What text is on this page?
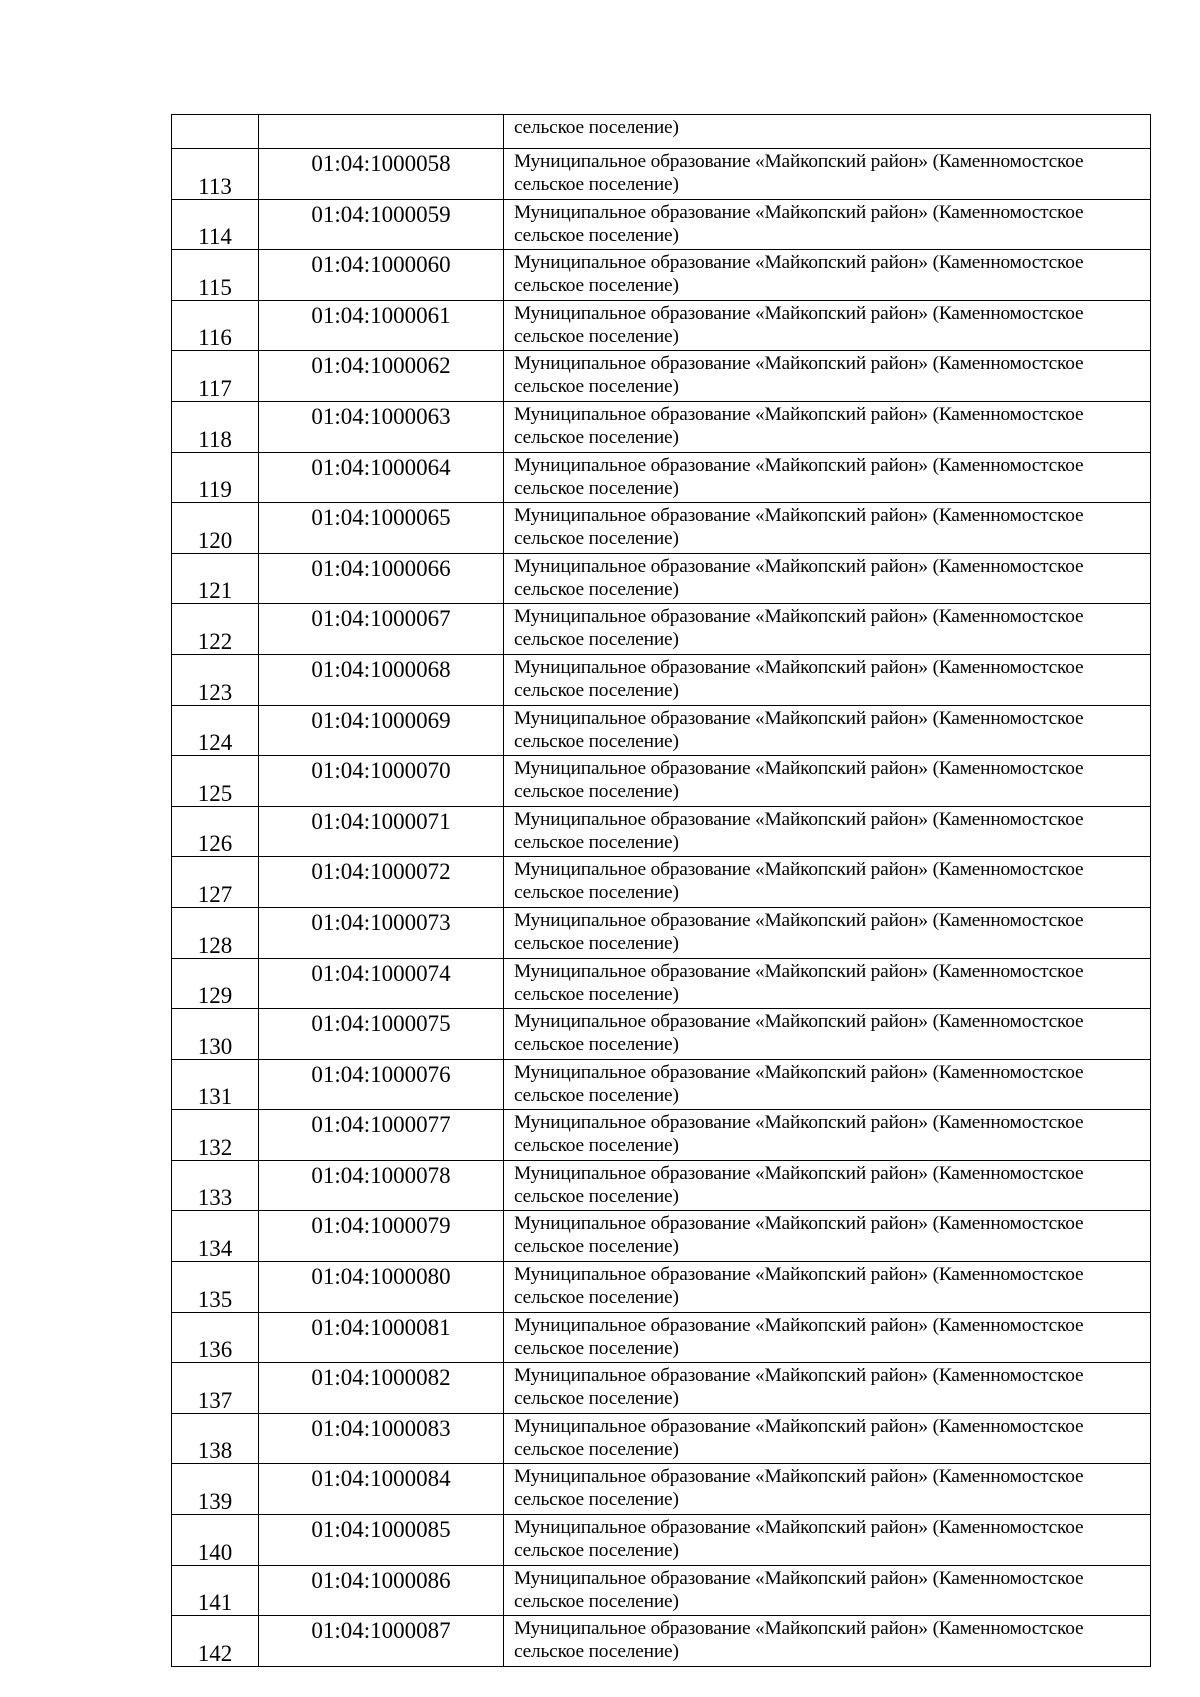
		сельское поселение)

113	01:04:1000058	Муниципальное образование «Майкопский район» (Каменномостское
сельское поселение)

114	01:04:1000059	Муниципальное образование «Майкопский район» (Каменномостское
сельское поселение)

115	01:04:1000060	Муниципальное образование «Майкопский район» (Каменномостское
сельское поселение)

116	01:04:1000061	Муниципальное образование «Майкопский район» (Каменномостское
сельское поселение)

117	01:04:1000062	Муниципальное образование «Майкопский район» (Каменномостское
сельское поселение)

118	01:04:1000063	Муниципальное образование «Майкопский район» (Каменномостское
сельское поселение)

119	01:04:1000064	Муниципальное образование «Майкопский район» (Каменномостское
сельское поселение)

120	01:04:1000065	Муниципальное образование «Майкопский район» (Каменномостское
сельское поселение)

121	01:04:1000066	Муниципальное образование «Майкопский район» (Каменномостское
сельское поселение)

122	01:04:1000067	Муниципальное образование «Майкопский район» (Каменномостское
сельское поселение)

123	01:04:1000068	Муниципальное образование «Майкопский район» (Каменномостское
сельское поселение)

124	01:04:1000069	Муниципальное образование «Майкопский район» (Каменномостское
сельское поселение)

125	01:04:1000070	Муниципальное образование «Майкопский район» (Каменномостское
сельское поселение)

126	01:04:1000071	Муниципальное образование «Майкопский район» (Каменномостское
сельское поселение)

127	01:04:1000072	Муниципальное образование «Майкопский район» (Каменномостское
сельское поселение)

128	01:04:1000073	Муниципальное образование «Майкопский район» (Каменномостское
сельское поселение)

129	01:04:1000074	Муниципальное образование «Майкопский район» (Каменномостское
сельское поселение)

130	01:04:1000075	Муниципальное образование «Майкопский район» (Каменномостское
сельское поселение)

131	01:04:1000076	Муниципальное образование «Майкопский район» (Каменномостское
сельское поселение)

132	01:04:1000077	Муниципальное образование «Майкопский район» (Каменномостское
сельское поселение)

133	01:04:1000078	Муниципальное образование «Майкопский район» (Каменномостское
сельское поселение)

134	01:04:1000079	Муниципальное образование «Майкопский район» (Каменномостское
сельское поселение)

135	01:04:1000080	Муниципальное образование «Майкопский район» (Каменномостское
сельское поселение)

136	01:04:1000081	Муниципальное образование «Майкопский район» (Каменномостское
сельское поселение)

137	01:04:1000082	Муниципальное образование «Майкопский район» (Каменномостское
сельское поселение)

138	01:04:1000083	Муниципальное образование «Майкопский район» (Каменномостское
сельское поселение)

139	01:04:1000084	Муниципальное образование «Майкопский район» (Каменномостское
сельское поселение)

140	01:04:1000085	Муниципальное образование «Майкопский район» (Каменномостское
сельское поселение)

141	01:04:1000086	Муниципальное образование «Майкопский район» (Каменномостское
сельское поселение)

142	01:04:1000087	Муниципальное образование «Майкопский район» (Каменномостское
сельское поселение)
